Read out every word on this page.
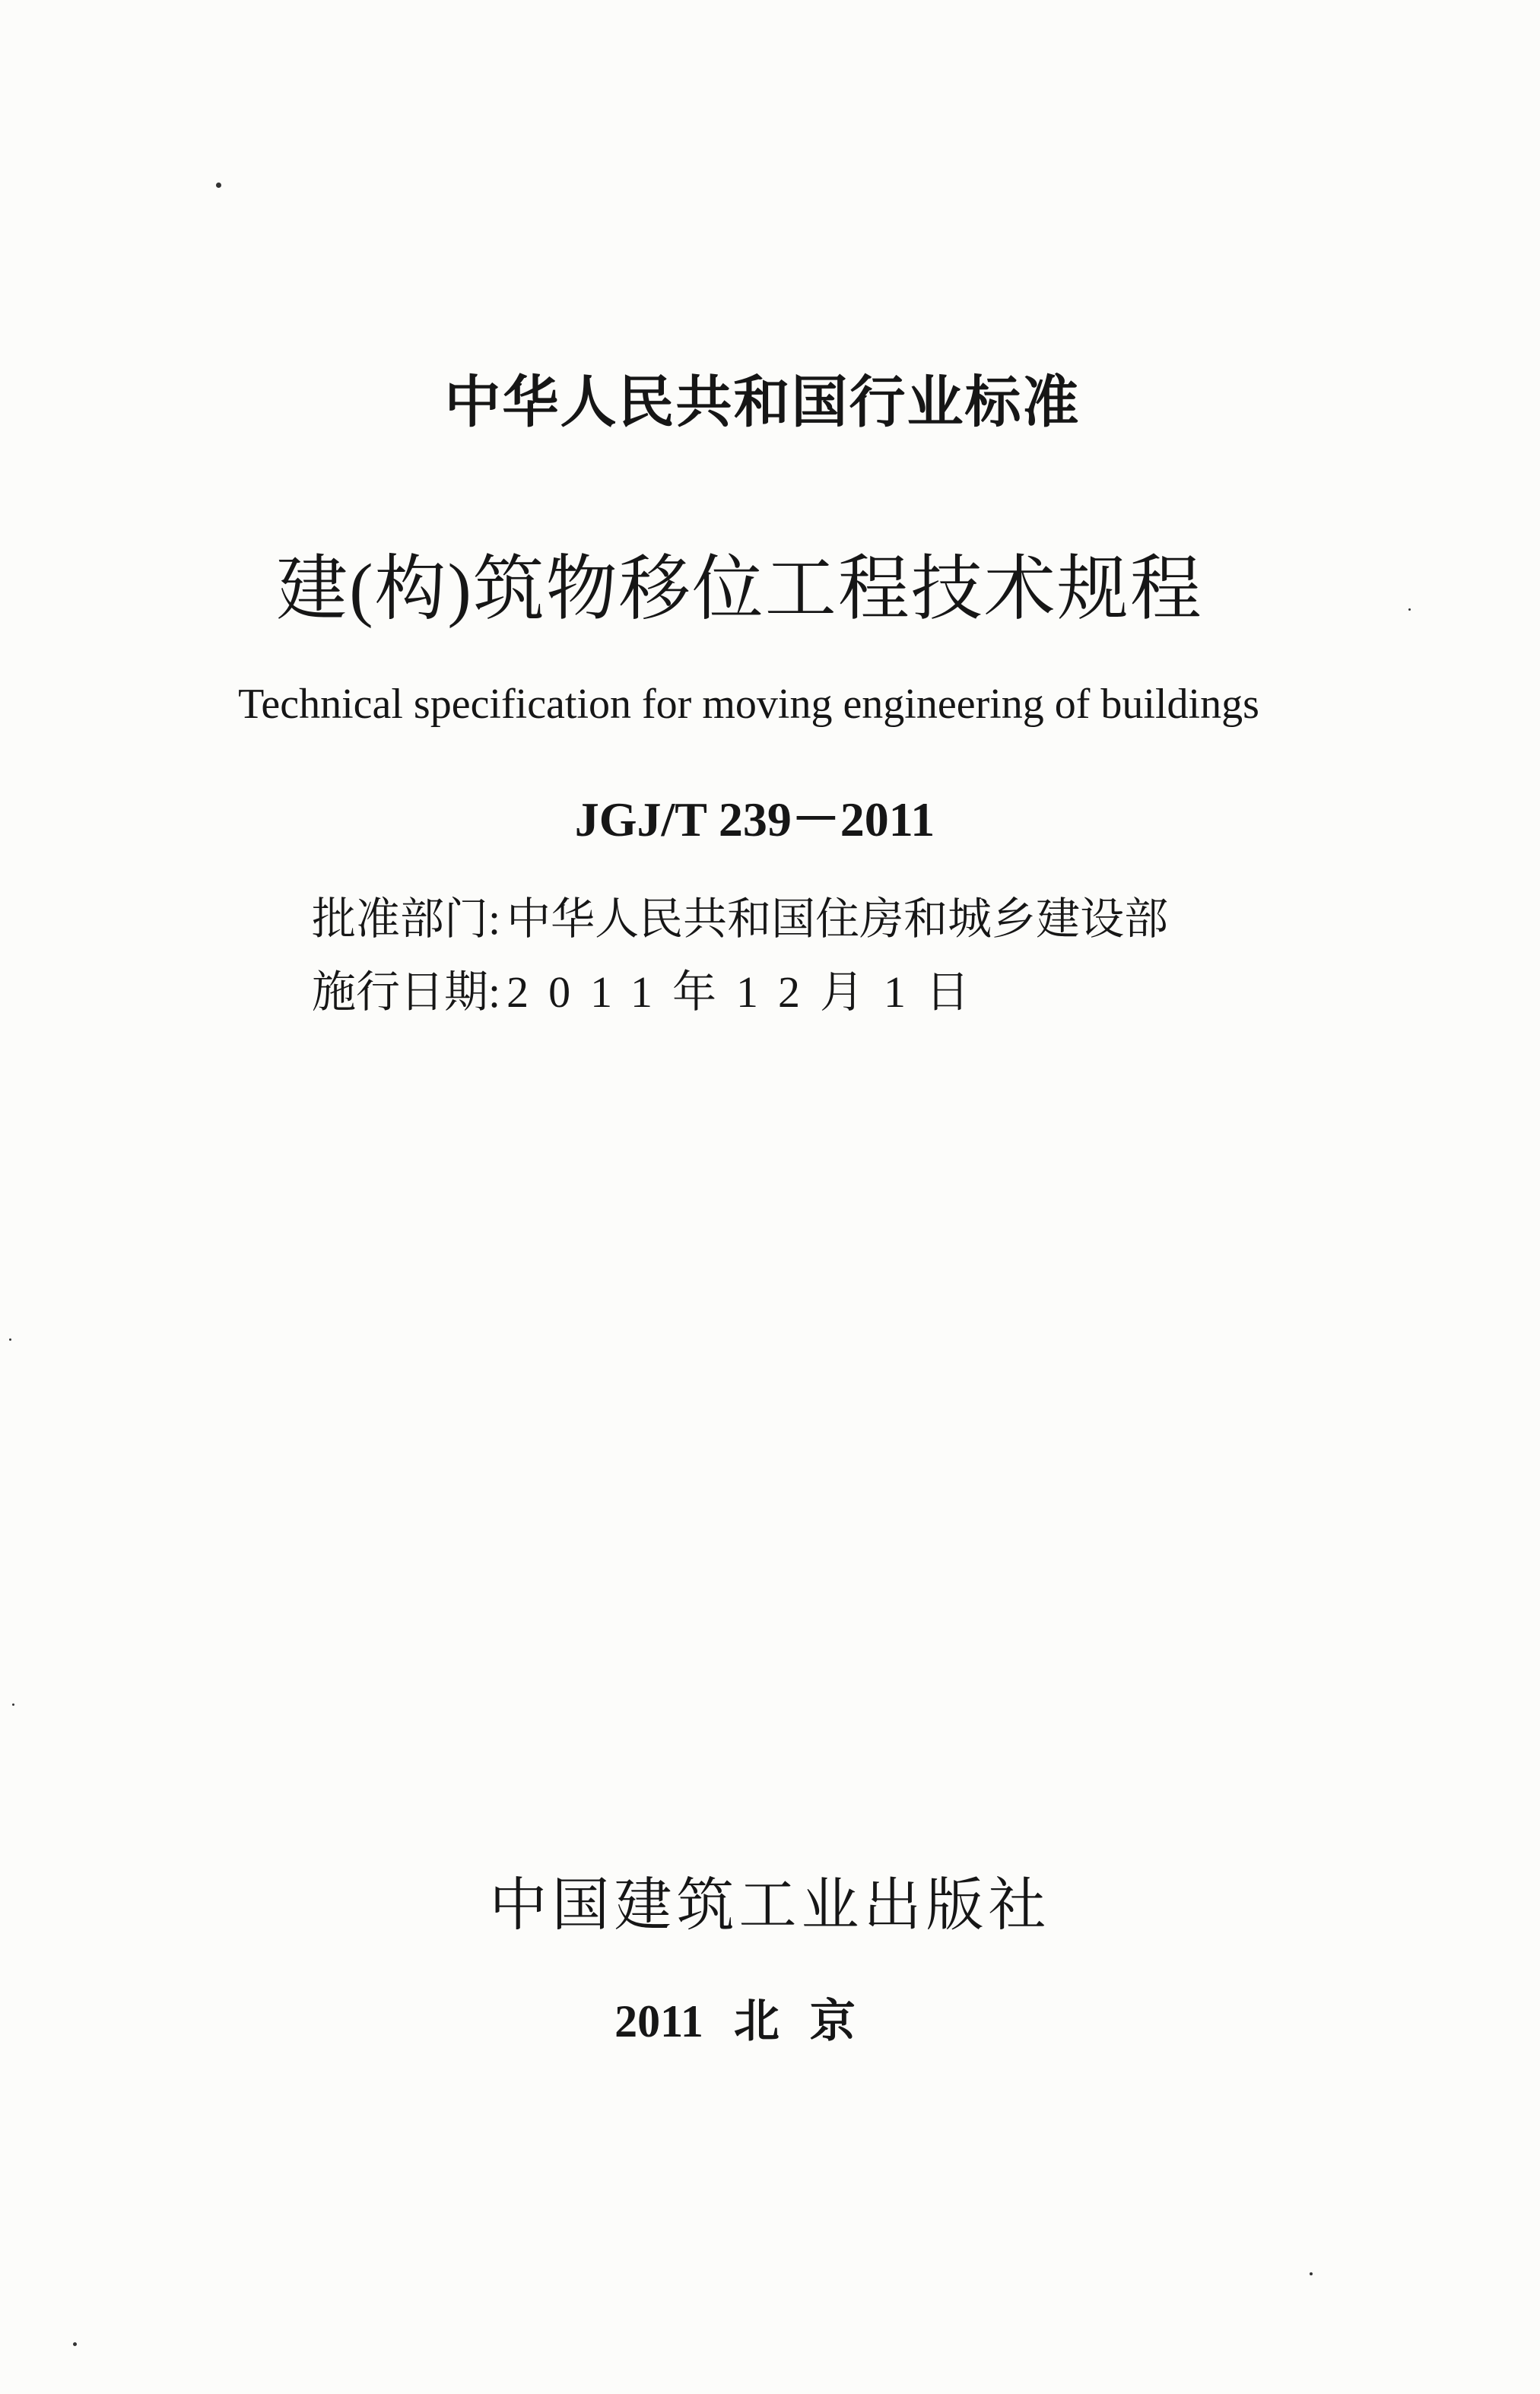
中华人民共和国行业标准
建(构)筑物移位工程技术规程
Technical specification for moving engineering of buildings
JGJ/T 239－2011
批准部门: 中华人民共和国住房和城乡建设部
施行日期: 2011年12月1日
中国建筑工业出版社
2011 北京
